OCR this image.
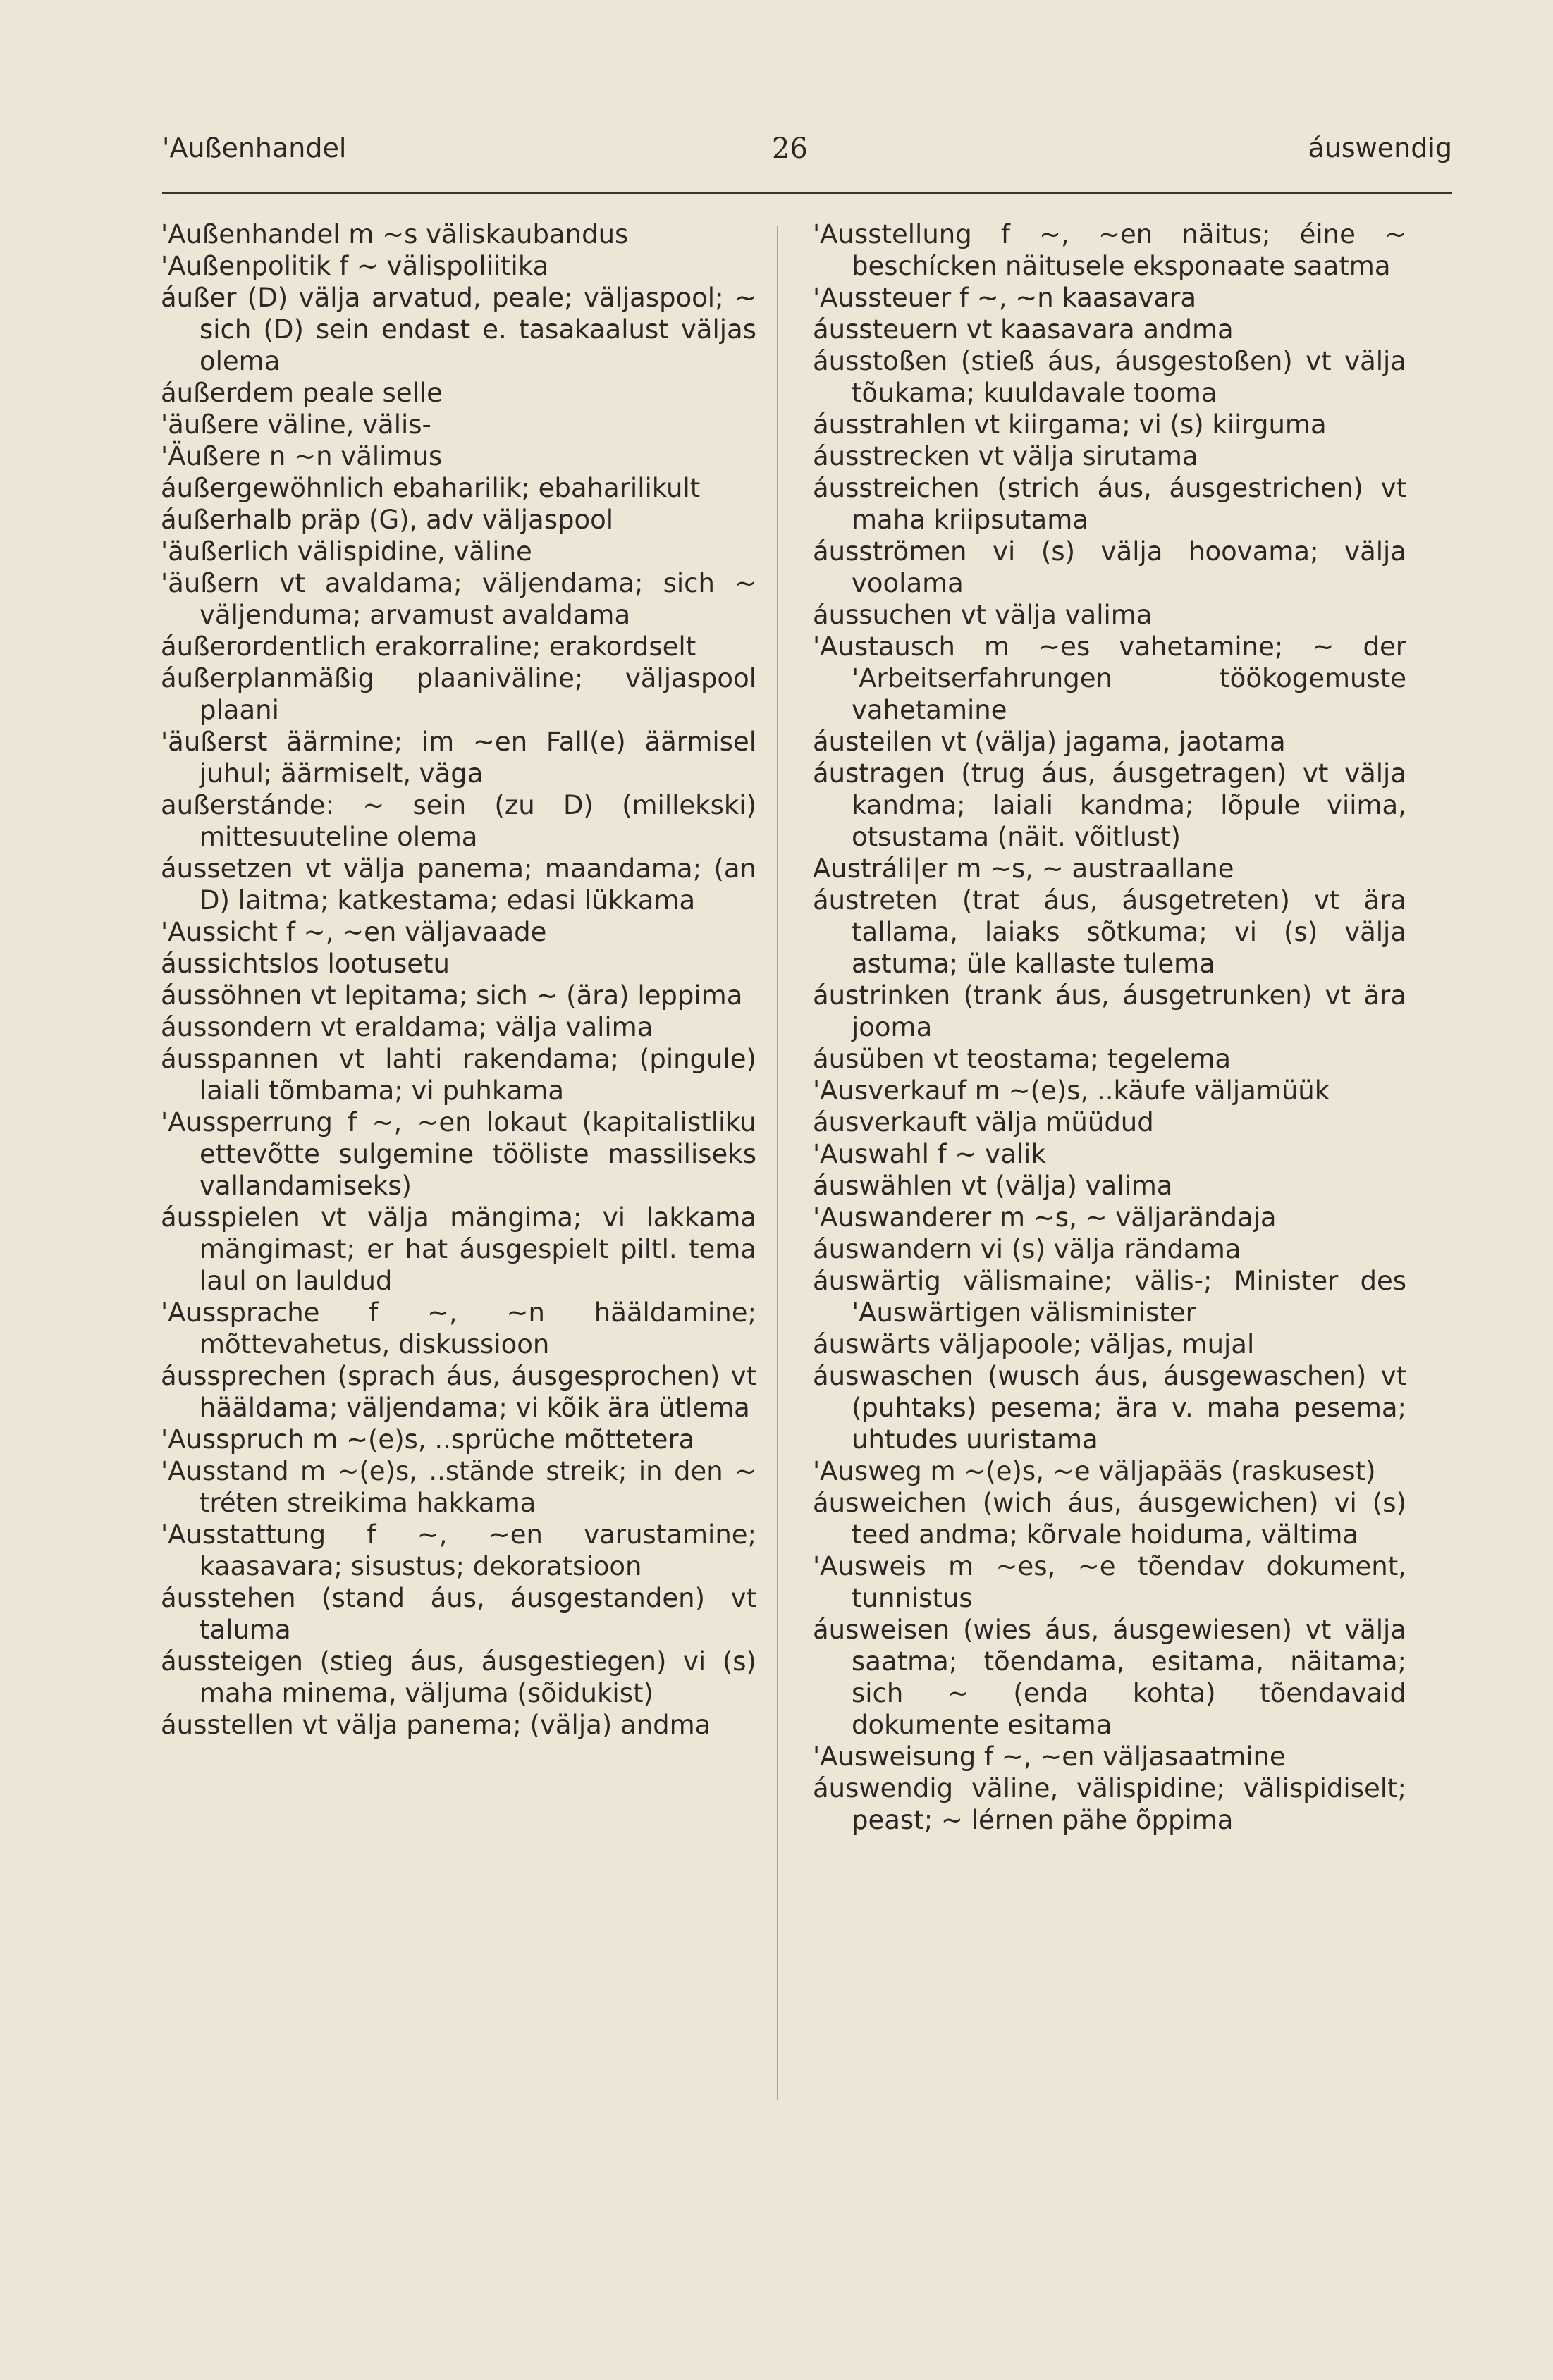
'Außenhandel	26	áuswendig

'Außenhandel m ~s väliskaubandus

'Außenpolitik f ~ välispoliitika

áußer (D) välja arvatud, peale; väljaspool; ~ sich (D) sein endast e. tasakaalust väljas olema

áußerdem peale selle

'äußere väline, välis-

'Äußere n ~n välimus

áußergewöhnlich ebaharilik; ebaharilikult

áußerhalb präp (G), adv väljaspool

'äußerlich välispidine, väline

'äußern vt avaldama; väljendama; sich ~ väljenduma; arvamust avaldama

áußerordentlich erakorraline; erakordselt

áußerplanmäßig plaaniväline; väljaspool plaani

'äußerst äärmine; im ~en Fall(e) äärmisel juhul; äärmiselt, väga

außerstánde: ~ sein (zu D) (millekski) mittesuuteline olema

áussetzen vt välja panema; maandama; (an D) laitma; katkestama; edasi lükkama

'Aussicht f ~, ~en väljavaade

áussichtslos lootusetu

áussöhnen vt lepitama; sich ~ (ära) leppima

áussondern vt eraldama; välja valima

áusspannen vt lahti rakendama; (pingule) laiali tõmbama; vi puhkama

'Aussperrung f ~, ~en lokaut (kapitalistliku ettevõtte sulgemine tööliste massiliseks vallandamiseks)

áusspielen vt välja mängima; vi lakkama mängimast; er hat áusgespielt piltl. tema laul on lauldud

'Aussprache f ~, ~n hääldamine; mõttevahetus, diskussioon

áussprechen (sprach áus, áusgesprochen) vt hääldama; väljendama; vi kõik ära ütlema

'Ausspruch m ~(e)s, ..sprüche mõttetera

'Ausstand m ~(e)s, ..stände streik; in den ~ tréten streikima hakkama

'Ausstattung f ~, ~en varustamine; kaasavara; sisustus; dekoratsioon

áusstehen (stand áus, áusgestanden) vt taluma

áussteigen (stieg áus, áusgestiegen) vi (s) maha minema, väljuma (sõidukist)

áusstellen vt välja panema; (välja) andma

'Ausstellung f ~, ~en näitus; éine ~ beschícken näitusele eksponaate saatma

'Aussteuer f ~, ~n kaasavara

áussteuern vt kaasavara andma

áusstoßen (stieß áus, áusgestoßen) vt välja tõukama; kuuldavale tooma

áusstrahlen vt kiirgama; vi (s) kiirguma

áusstrecken vt välja sirutama

áusstreichen (strich áus, áusgestrichen) vt maha kriipsutama

áusströmen vi (s) välja hoovama; välja voolama

áussuchen vt välja valima

'Austausch m ~es vahetamine; ~ der 'Arbeitserfahrungen töökogemuste vahetamine

áusteilen vt (välja) jagama, jaotama

áustragen (trug áus, áusgetragen) vt välja kandma; laiali kandma; lõpule viima, otsustama (näit. võitlust)

Austráli|er m ~s, ~ austraallane

áustreten (trat áus, áusgetreten) vt ära tallama, laiaks sõtkuma; vi (s) välja astuma; üle kallaste tulema

áustrinken (trank áus, áusgetrunken) vt ära jooma

áusüben vt teostama; tegelema

'Ausverkauf m ~(e)s, ..käufe väljamüük

áusverkauft välja müüdud

'Auswahl f ~ valik

áuswählen vt (välja) valima

'Auswanderer m ~s, ~ väljarändaja

áuswandern vi (s) välja rändama

áuswärtig välismaine; välis-; Minister des 'Auswärtigen välisminister

áuswärts väljapoole; väljas, mujal

áuswaschen (wusch áus, áusgewaschen) vt (puhtaks) pesema; ära v. maha pesema; uhtudes uuristama

'Ausweg m ~(e)s, ~e väljapääs (raskusest)

áusweichen (wich áus, áusgewichen) vi (s) teed andma; kõrvale hoiduma, vältima

'Ausweis m ~es, ~e tõendav dokument, tunnistus

áusweisen (wies áus, áusgewiesen) vt välja saatma; tõendama, esitama, näitama; sich ~ (enda kohta) tõendavaid dokumente esitama

'Ausweisung f ~, ~en väljasaatmine

áuswendig väline, välispidine; välispidiselt; peast; ~ lérnen pähe õppima
